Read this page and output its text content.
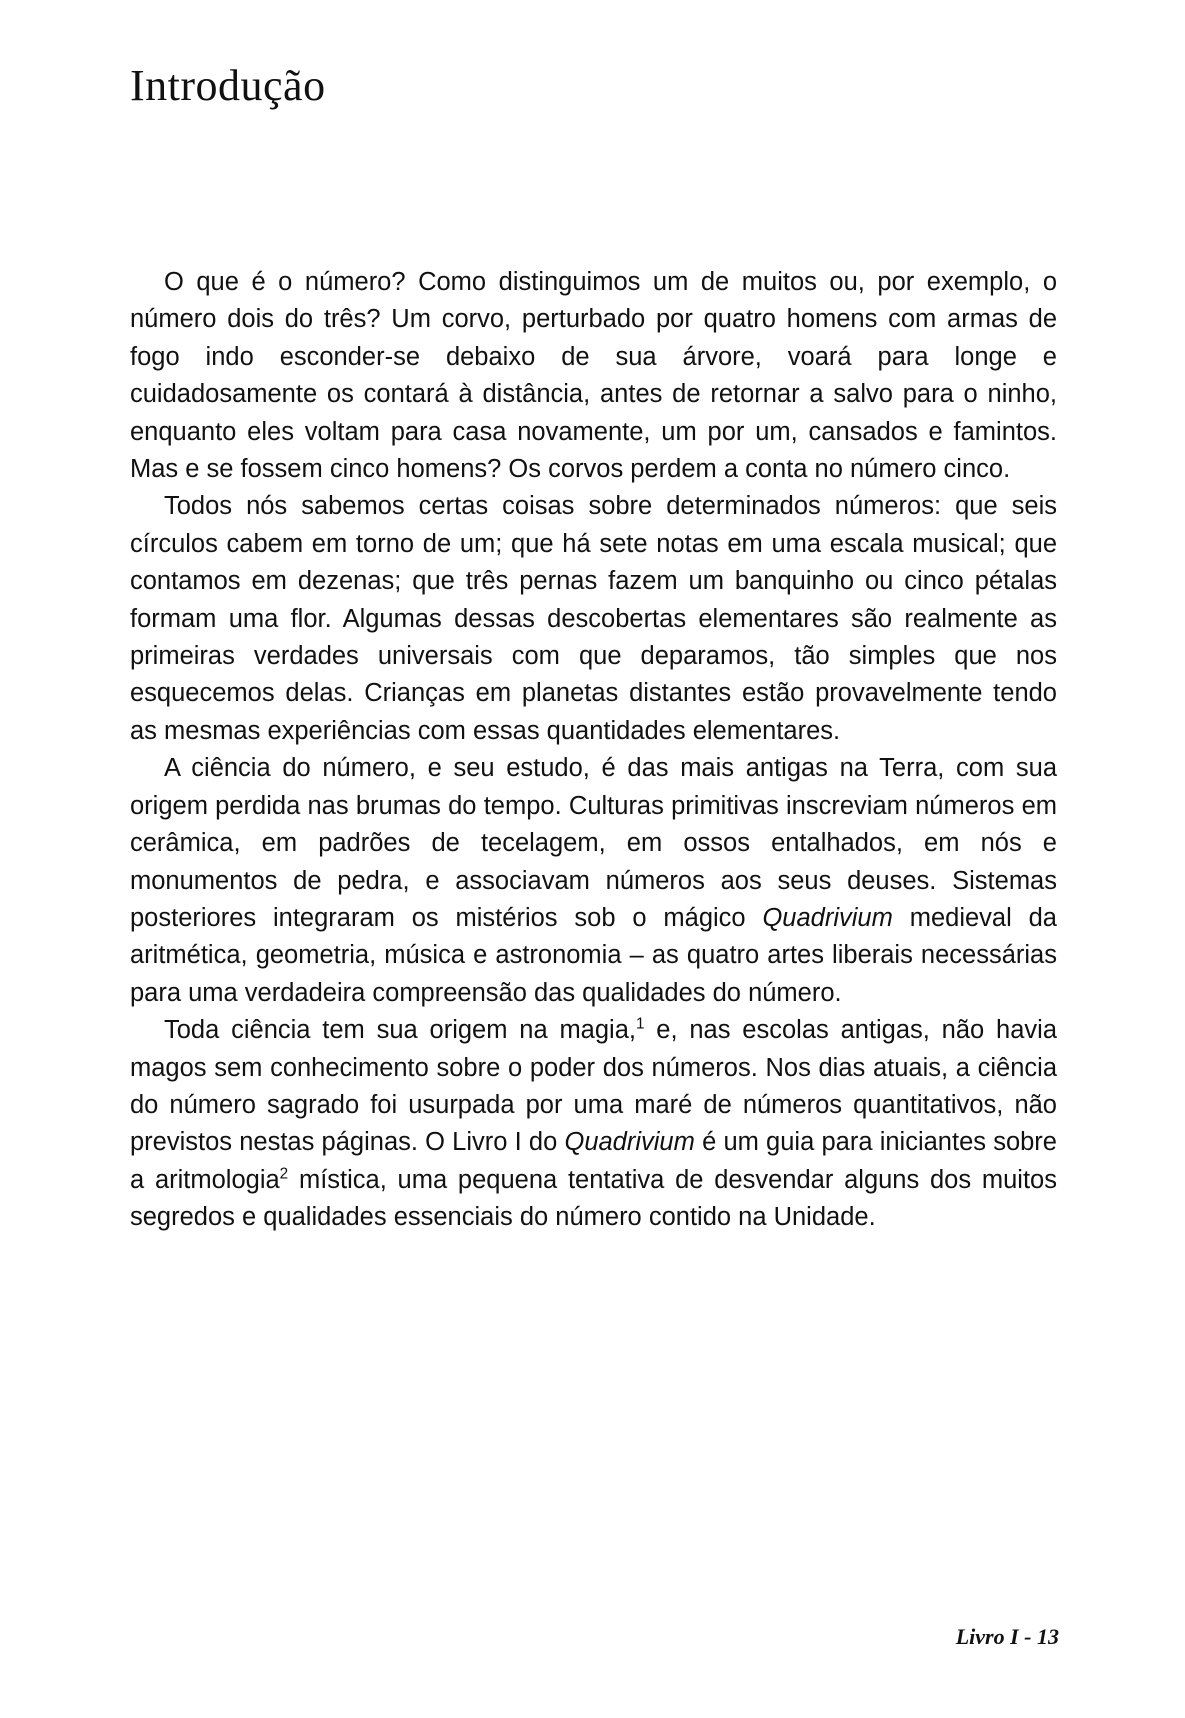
Introdução

O que é o número? Como distinguimos um de muitos ou, por exemplo, o número dois do três? Um corvo, perturbado por quatro homens com armas de fogo indo esconder-se debaixo de sua árvore, voará para longe e cuidadosamente os contará à distância, antes de retornar a salvo para o ninho, enquanto eles voltam para casa novamente, um por um, cansados e famintos. Mas e se fossem cinco homens? Os corvos perdem a conta no número cinco.

Todos nós sabemos certas coisas sobre determinados números: que seis círculos cabem em torno de um; que há sete notas em uma escala musical; que contamos em dezenas; que três pernas fazem um banquinho ou cinco pétalas formam uma flor. Algumas dessas descobertas elementares são realmente as primeiras verdades universais com que deparamos, tão simples que nos esquecemos delas. Crianças em planetas distantes estão provavelmente tendo as mesmas experiências com essas quantidades elementares.

A ciência do número, e seu estudo, é das mais antigas na Terra, com sua origem perdida nas brumas do tempo. Culturas primitivas inscreviam números em cerâmica, em padrões de tecelagem, em ossos entalhados, em nós e monumentos de pedra, e associavam números aos seus deuses. Sistemas posteriores integraram os mistérios sob o mágico Quadrivium medieval da aritmética, geometria, música e astronomia – as quatro artes liberais necessárias para uma verdadeira compreensão das qualidades do número.

Toda ciência tem sua origem na magia,$^1$ e, nas escolas antigas, não havia magos sem conhecimento sobre o poder dos números. Nos dias atuais, a ciência do número sagrado foi usurpada por uma maré de números quantitativos, não previstos nestas páginas. O Livro I do Quadrivium é um guia para iniciantes sobre a aritmologia$^2$ mística, uma pequena tentativa de desvendar alguns dos muitos segredos e qualidades essenciais do número contido na Unidade.

Livro I - 13
